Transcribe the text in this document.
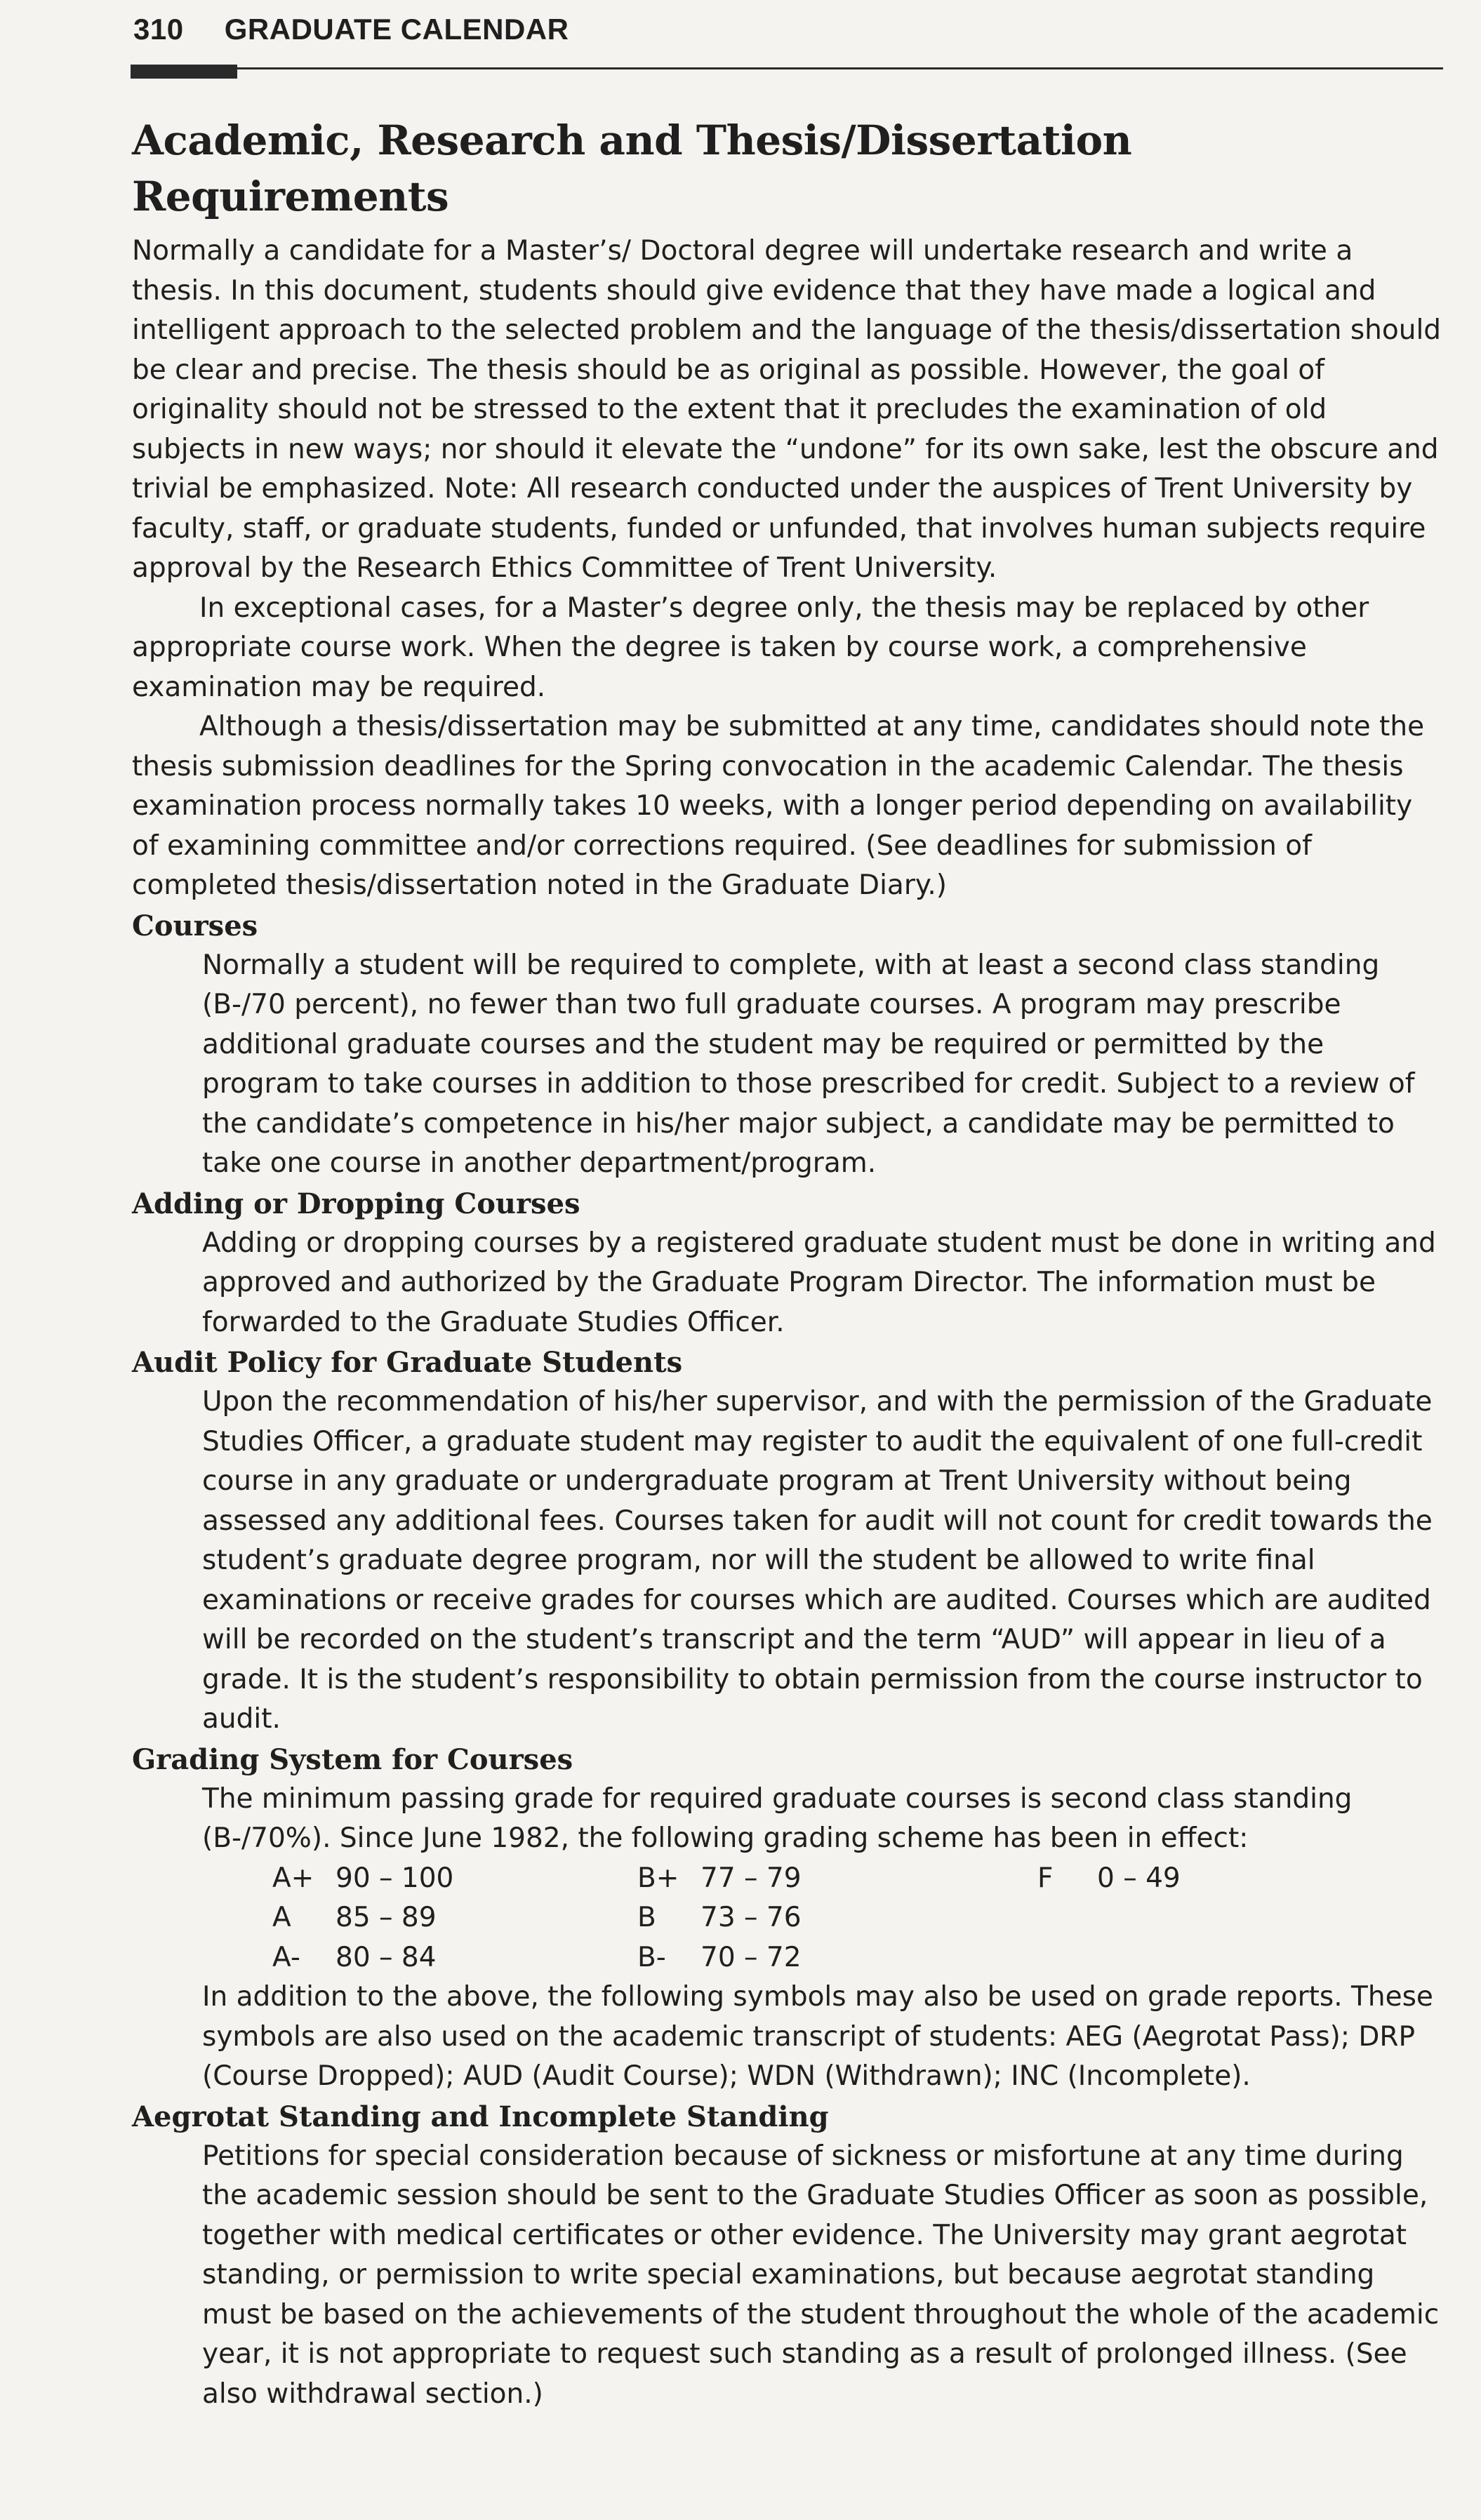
310 GRADUATE CALENDAR
Academic, Research and Thesis/Dissertation Requirements

Normally a candidate for a Master’s/ Doctoral degree will undertake research and write a thesis. In this document, students should give evidence that they have made a logical and intelligent approach to the selected problem and the language of the thesis/dissertation should be clear and precise. The thesis should be as original as possible. However, the goal of originality should not be stressed to the extent that it precludes the examination of old subjects in new ways; nor should it elevate the “undone” for its own sake, lest the obscure and trivial be emphasized. Note: All research conducted under the auspices of Trent University by faculty, staff, or graduate students, funded or unfunded, that involves human subjects require approval by the Research Ethics Committee of Trent University.

In exceptional cases, for a Master’s degree only, the thesis may be replaced by other appropriate course work. When the degree is taken by course work, a comprehensive examination may be required.

Although a thesis/dissertation may be submitted at any time, candidates should note the thesis submission deadlines for the Spring convocation in the academic Calendar. The thesis examination process normally takes 10 weeks, with a longer period depending on availability of examining committee and/or corrections required. (See deadlines for submission of completed thesis/dissertation noted in the Graduate Diary.)

Courses

Normally a student will be required to complete, with at least a second class standing (B-/70 percent), no fewer than two full graduate courses. A program may prescribe additional graduate courses and the student may be required or permitted by the program to take courses in addition to those prescribed for credit. Subject to a review of the candidate’s competence in his/her major subject, a candidate may be permitted to take one course in another department/program.

Adding or Dropping Courses

Adding or dropping courses by a registered graduate student must be done in writing and approved and authorized by the Graduate Program Director. The information must be forwarded to the Graduate Studies Officer.

Audit Policy for Graduate Students

Upon the recommendation of his/her supervisor, and with the permission of the Graduate Studies Officer, a graduate student may register to audit the equivalent of one full-credit course in any graduate or undergraduate program at Trent University without being assessed any additional fees. Courses taken for audit will not count for credit towards the student’s graduate degree program, nor will the student be allowed to write final examinations or receive grades for courses which are audited. Courses which are audited will be recorded on the student’s transcript and the term “AUD” will appear in lieu of a grade. It is the student’s responsibility to obtain permission from the course instructor to audit.

Grading System for Courses

The minimum passing grade for required graduate courses is second class standing (B-/70%). Since June 1982, the following grading scheme has been in effect:

A+ 90 – 100	B+ 77 – 79	F	0 – 49
A	85 – 89	B	73 – 76
A-	80 – 84	B-	70 – 72

In addition to the above, the following symbols may also be used on grade reports. These symbols are also used on the academic transcript of students: AEG (Aegrotat Pass); DRP (Course Dropped); AUD (Audit Course); WDN (Withdrawn); INC (Incomplete).

Aegrotat Standing and Incomplete Standing

Petitions for special consideration because of sickness or misfortune at any time during the academic session should be sent to the Graduate Studies Officer as soon as possible, together with medical certificates or other evidence. The University may grant aegrotat standing, or permission to write special examinations, but because aegrotat standing must be based on the achievements of the student throughout the whole of the academic year, it is not appropriate to request such standing as a result of prolonged illness. (See also withdrawal section.)
